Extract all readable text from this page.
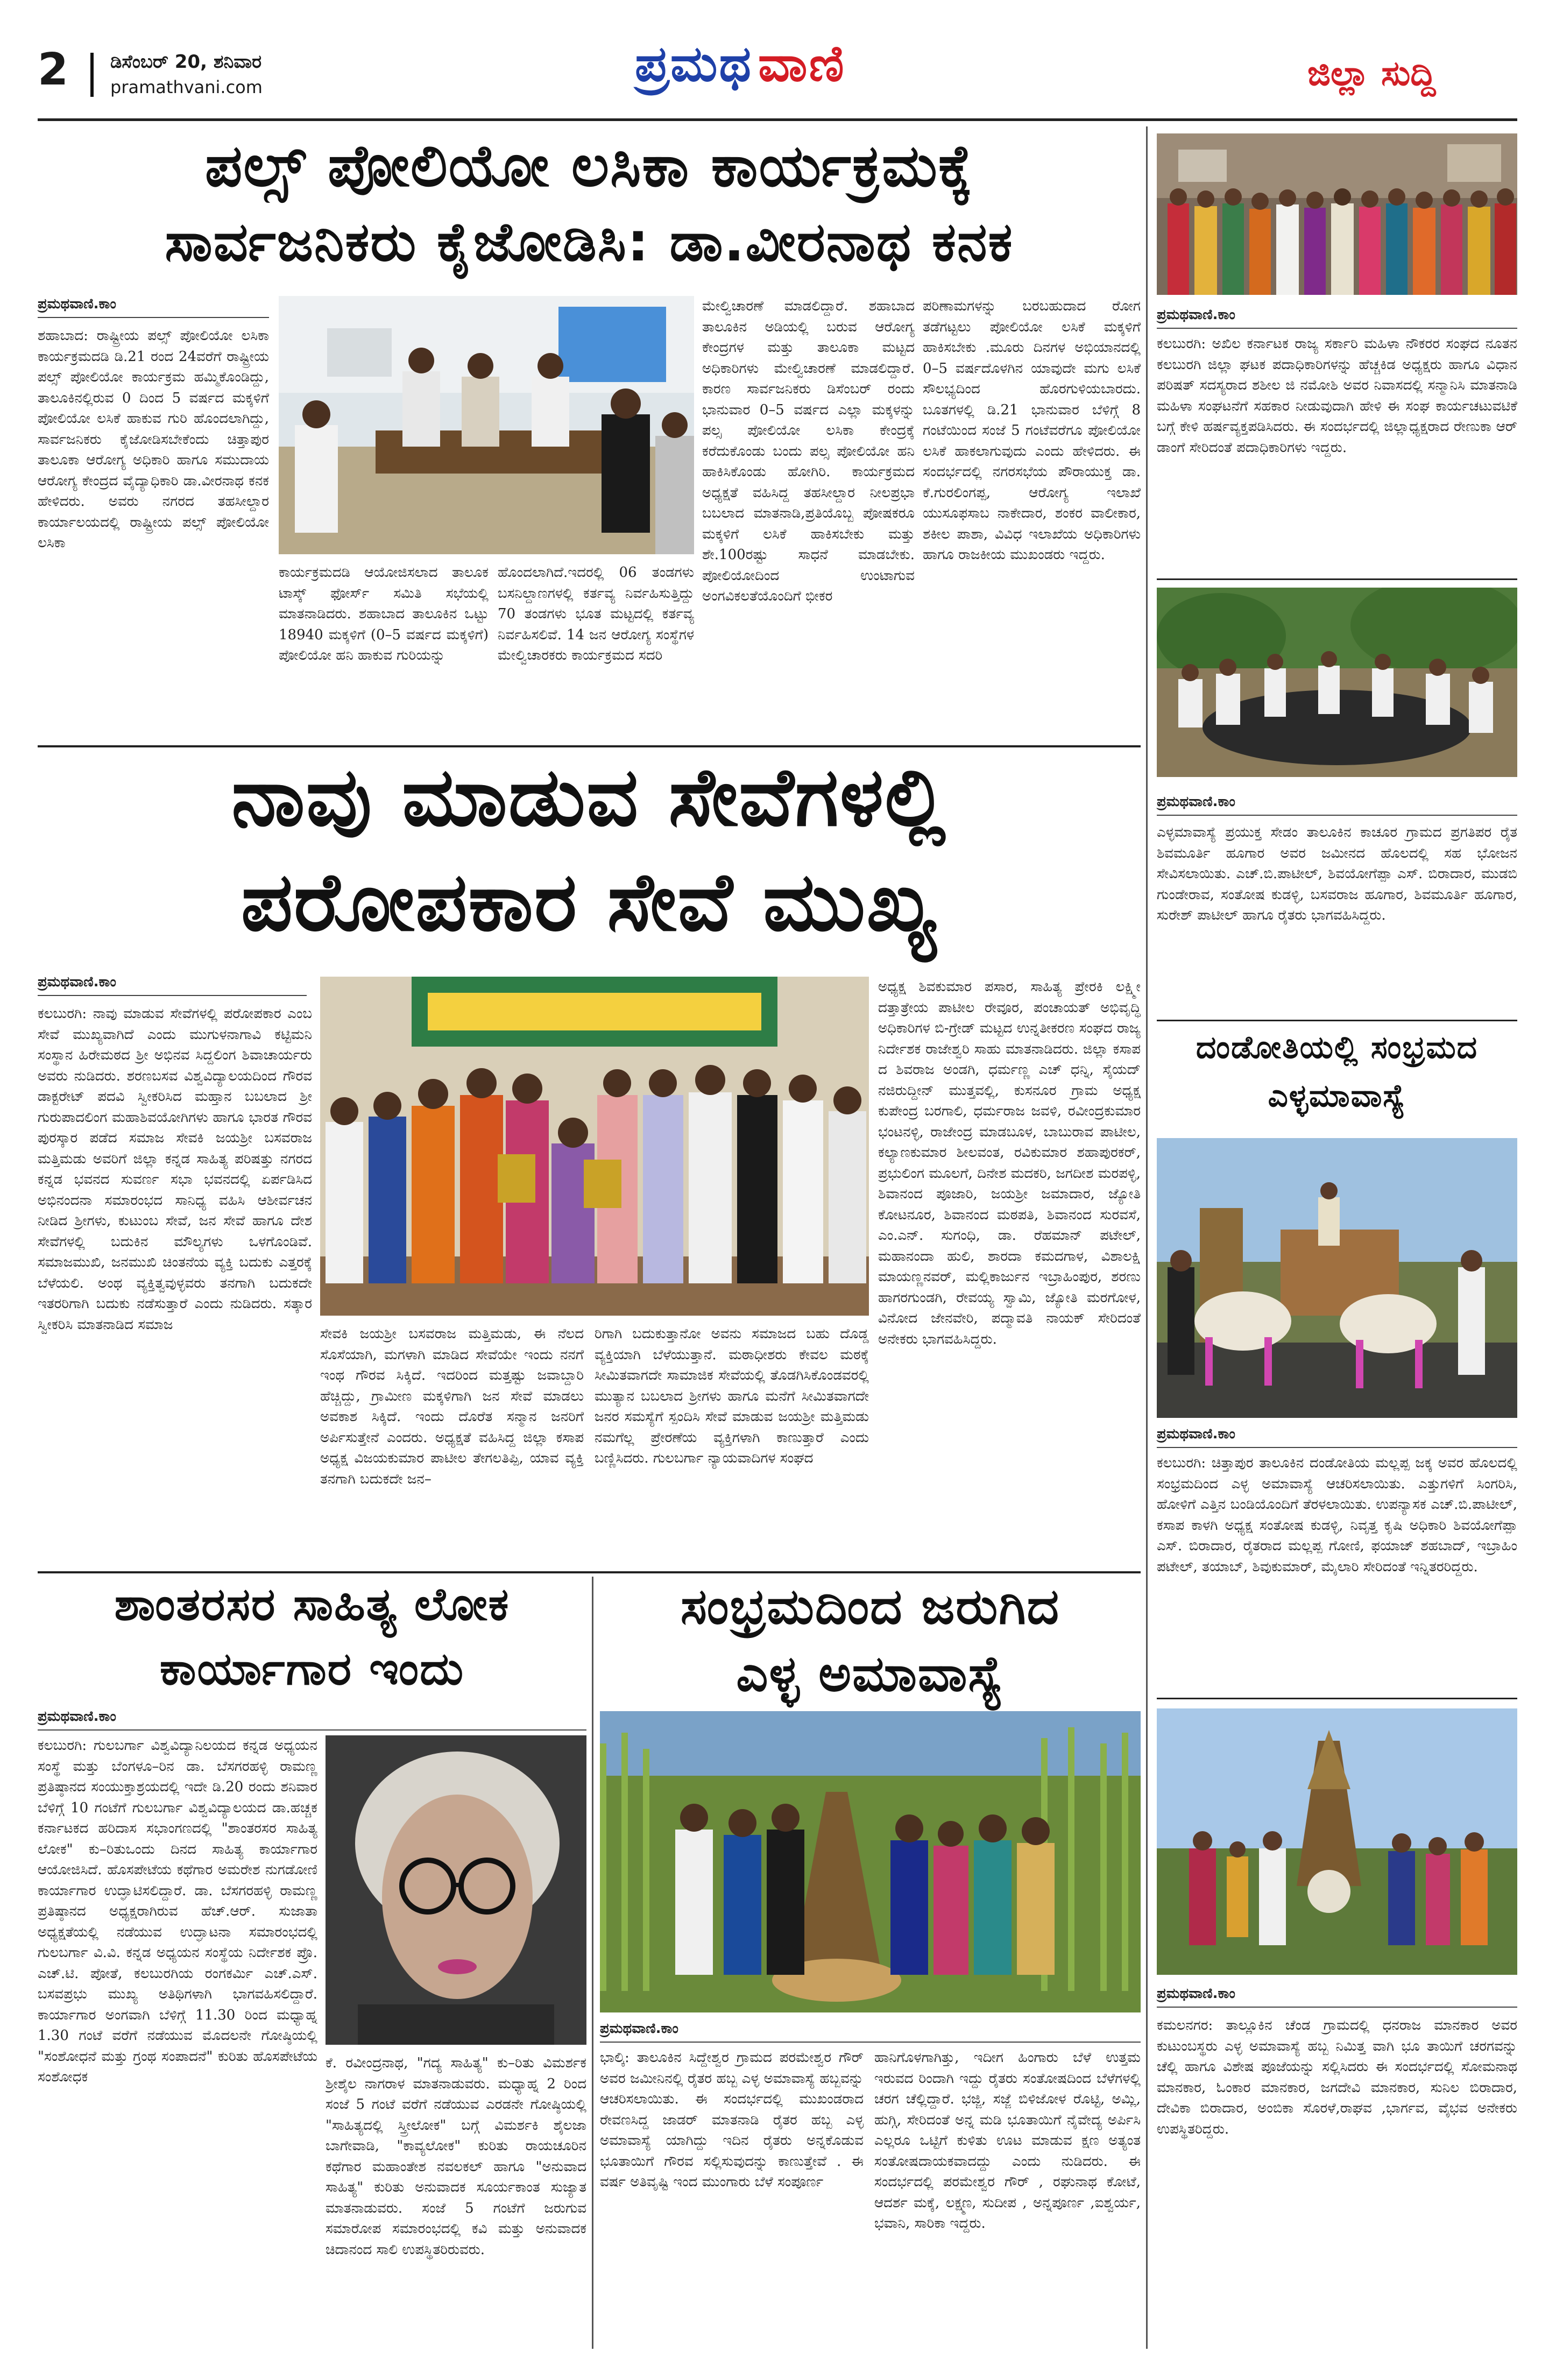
2 ಡಿಸೆಂಬರ್ 20, ಶನಿವಾರ
pramathvani.com	ಪ್ರಮಥ ವಾಣಿ	ಜಿಲ್ಲಾ ಸುದ್ದಿ
ಪ್ರಮಥವಾಣಿ.ಕಾಂ
ಕಲಬುರಗಿ: ಅಖಿಲ ಕರ್ನಾಟಕ ರಾಜ್ಯ ಸರ್ಕಾರಿ ಮಹಿಳಾ ನೌಕರರ ಸಂಘದ ನೂತನ ಕಲಬುರಗಿ ಜಿಲ್ಲಾ ಘಟಕ ಪದಾಧಿಕಾರಿಗಳನ್ನು ಹೆಚ್ಚಕಿಡ ಅಧ್ಯಕ್ಷರು ಹಾಗೂ ವಿಧಾನ ಪರಿಷತ್ ಸದಸ್ಯರಾದ ಶಶೀಲ ಜಿ ನಮೋಶಿ ಅವರ ನಿವಾಸದಲ್ಲಿ ಸನ್ಮಾನಿಸಿ ಮಾತನಾಡಿ ಮಹಿಳಾ ಸಂಘಟನೆಗೆ ಸಹಕಾರ ನೀಡುವುದಾಗಿ ಹೇಳಿ ಈ ಸಂಘ ಕಾರ್ಯಚಟುವಟಿಕೆ ಬಗ್ಗೆ ಕೇಳಿ ಹರ್ಷವ್ಯಕ್ತಪಡಿಸಿದರು. ಈ ಸಂದರ್ಭದಲ್ಲಿ ಜಿಲ್ಲಾಧ್ಯಕ್ಷರಾದ ರೇಣುಕಾ ಆರ್ ಡಾಂಗೆ ಸೇರಿದಂತೆ ಪದಾಧಿಕಾರಿಗಳು ಇದ್ದರು.
ಪ್ರಮಥವಾಣಿ.ಕಾಂ
ಎಳ್ಳಮಾವಾಸ್ಯೆ ಪ್ರಯುಕ್ತ ಸೇಡಂ ತಾಲೂಕಿನ ಕಾಚೂರ ಗ್ರಾಮದ ಪ್ರಗತಿಪರ ರೈತ ಶಿವಮೂರ್ತಿ ಹೂಗಾರ ಅವರ ಜಮೀನದ ಹೊಲದಲ್ಲಿ ಸಹ ಭೋಜನ ಸೇವಿಸಲಾಯಿತು. ಎಚ್.ಬಿ.ಪಾಟೀಲ್, ಶಿವಯೋಗೆಪ್ಪಾ ಎಸ್. ಬಿರಾದಾರ, ಮುಡಬಿ ಗುಂಡೇರಾವ, ಸಂತೋಷ ಕುಡಳ್ಳಿ, ಬಸವರಾಜ ಹೂಗಾರ, ಶಿವಮೂರ್ತಿ ಹೂಗಾರ, ಸುರೇಶ್ ಪಾಟೀಲ್ ಹಾಗೂ ರೈತರು ಭಾಗವಹಿಸಿದ್ದರು.
ದಂಡೋತಿಯಲ್ಲಿ ಸಂಭ್ರಮದ
ಎಳ್ಳಮಾವಾಸ್ಯೆ
ಪ್ರಮಥವಾಣಿ.ಕಾಂ
ಕಲಬುರಗಿ: ಚಿತ್ತಾಪುರ ತಾಲೂಕಿನ ದಂಡೋತಿಯ ಮಲ್ಲಪ್ಪ ಜಕ್ಕ ಅವರ ಹೊಲದಲ್ಲಿ ಸಂಭ್ರಮದಿಂದ ಎಳ್ಳ ಅಮಾವಾಸ್ಯೆ ಆಚರಿಸಲಾಯಿತು. ಎತ್ತುಗಳಿಗೆ ಸಿಂಗರಿಸಿ, ಹೋಳಿಗೆ ಎತ್ತಿನ ಬಂಡಿಯೊಂದಿಗೆ ತೆರಳಲಾಯಿತು. ಉಪನ್ಯಾಸಕ ಎಚ್.ಬಿ.ಪಾಟೀಲ್, ಕಸಾಪ ಕಾಳಗಿ ಅಧ್ಯಕ್ಷ ಸಂತೋಷ ಕುಡಳ್ಳಿ, ನಿವೃತ್ತ ಕೃಷಿ ಅಧಿಕಾರಿ ಶಿವಯೋಗೆಪ್ಪಾ ಎಸ್. ಬಿರಾದಾರ, ರೈತರಾದ ಮಲ್ಲಪ್ಪ ಗೋಣಿ, ಫಯಾಜ್ ಶಹಬಾದ್, ಇಬ್ರಾಹಿಂ ಪಟೇಲ್, ತಯಾಬ್, ಶಿವುಕುಮಾರ್, ಮೈಲಾರಿ ಸೇರಿದಂತೆ ಇನ್ನಿತರರಿದ್ದರು.
ಪ್ರಮಥವಾಣಿ.ಕಾಂ
ಕಮಲನಗರ: ತಾಲ್ಲೂಕಿನ ಚೆಂಡ ಗ್ರಾಮದಲ್ಲಿ ಧನರಾಜ ಮಾನಕಾರ ಅವರ ಕುಟುಂಬಸ್ಥರು ಎಳ್ಳ ಅಮಾವಾಸ್ಯೆ ಹಬ್ಬ ನಿಮಿತ್ತ ವಾಗಿ ಭೂ ತಾಯಿಗೆ ಚರಗವನ್ನು ಚೆಲ್ಲಿ ಹಾಗೂ ವಿಶೇಷ ಪೂಜೆಯನ್ನು ಸಲ್ಲಿಸಿದರು ಈ ಸಂದರ್ಭದಲ್ಲಿ ಸೋಮನಾಥ ಮಾನಕಾರ, ಓಂಕಾರ ಮಾನಕಾರ, ಜಗದೇವಿ ಮಾನಕಾರ, ಸುನಿಲ ಬಿರಾದಾರ, ದೇವಿಕಾ ಬಿರಾದಾರ, ಅಂಬಿಕಾ ಸೊರಳೆ,ರಾಘವ ,ಭಾರ್ಗವ, ವೈಭವ ಅನೇಕರು ಉಪಸ್ಥಿತರಿದ್ದರು.
ಪಲ್ಸ್ ಪೋಲಿಯೋ ಲಸಿಕಾ ಕಾರ್ಯಕ್ರಮಕ್ಕೆ
ಸಾರ್ವಜನಿಕರು ಕೈಜೋಡಿಸಿ: ಡಾ.ವೀರನಾಥ ಕನಕ
ಪ್ರಮಥವಾಣಿ.ಕಾಂ
ಶಹಾಬಾದ: ರಾಷ್ಟ್ರೀಯ ಪಲ್ಸ್ ಪೋಲಿಯೋ ಲಸಿಕಾ ಕಾರ್ಯಕ್ರಮದಡಿ ಡಿ.21 ರಂದ 24ವರೆಗೆ ರಾಷ್ಟ್ರೀಯ ಪಲ್ಸ್ ಪೋಲಿಯೋ ಕಾರ್ಯಕ್ರಮ ಹಮ್ಮಿಕೊಂಡಿದ್ದು, ತಾಲೂಕಿನಲ್ಲಿರುವ 0 ದಿಂದ 5 ವರ್ಷದ ಮಕ್ಕಳಿಗೆ ಪೋಲಿಯೋ ಲಸಿಕೆ ಹಾಕುವ ಗುರಿ ಹೊಂದಲಾಗಿದ್ದು, ಸಾರ್ವಜನಿಕರು ಕೈಜೋಡಿಸಬೇಕೆಂದು ಚಿತ್ತಾಪುರ ತಾಲೂಕಾ ಆರೋಗ್ಯ ಅಧಿಕಾರಿ ಹಾಗೂ ಸಮುದಾಯ ಆರೋಗ್ಯ ಕೇಂದ್ರದ ವೈದ್ಯಾಧಿಕಾರಿ ಡಾ.ವೀರನಾಥ ಕನಕ ಹೇಳಿದರು. ಅವರು ನಗರದ ತಹಸೀಲ್ದಾರ ಕಾರ್ಯಾಲಯದಲ್ಲಿ ರಾಷ್ಟ್ರೀಯ ಪಲ್ಸ್ ಪೋಲಿಯೋ ಲಸಿಕಾ
ಕಾರ್ಯಕ್ರಮದಡಿ ಆಯೋಜಿಸಲಾದ ತಾಲೂಕ ಟಾಸ್ಕ್ ಫೋರ್ಸ್ ಸಮಿತಿ ಸಭೆಯಲ್ಲಿ ಮಾತನಾಡಿದರು. ಶಹಾಬಾದ ತಾಲೂಕಿನ ಒಟ್ಟು 18940 ಮಕ್ಕಳಿಗೆ (0–5 ವರ್ಷದ ಮಕ್ಕಳಿಗೆ) ಪೋಲಿಯೋ ಹನಿ ಹಾಕುವ ಗುರಿಯನ್ನು
ಹೊಂದಲಾಗಿದೆ.ಇದರಲ್ಲಿ 06 ತಂಡಗಳು ಬಸನಿಲ್ದಾಣಗಳಲ್ಲಿ ಕರ್ತವ್ಯ ನಿರ್ವಹಿಸುತ್ತಿದ್ದು 70 ತಂಡಗಳು ಭೂತ ಮಟ್ಟದಲ್ಲಿ ಕರ್ತವ್ಯ ನಿರ್ವಹಿಸಲಿವೆ. 14 ಜನ ಆರೋಗ್ಯ ಸಂಸ್ಥೆಗಳ ಮೇಲ್ವಿಚಾರಕರು ಕಾರ್ಯಕ್ರಮದ ಸದರಿ
ಮೇಲ್ವಿಚಾರಣೆ ಮಾಡಲಿದ್ದಾರೆ. ಶಹಾಬಾದ ತಾಲೂಕಿನ ಅಡಿಯಲ್ಲಿ ಬರುವ ಆರೋಗ್ಯ ಕೇಂದ್ರಗಳ ಮತ್ತು ತಾಲೂಕಾ ಮಟ್ಟದ ಅಧಿಕಾರಿಗಳು ಮೇಲ್ವಿಚಾರಣೆ ಮಾಡಲಿದ್ದಾರೆ. ಕಾರಣ ಸಾರ್ವಜನಿಕರು ಡಿಸೆಂಬರ್ ರಂದು ಭಾನುವಾರ 0–5 ವರ್ಷದ ಎಲ್ಲಾ ಮಕ್ಕಳನ್ನು ಪಲ್ಸ ಪೋಲಿಯೋ ಲಸಿಕಾ ಕೇಂದ್ರಕ್ಕೆ ಕರೆದುಕೊಂಡು ಬಂದು ಪಲ್ಸ ಪೋಲಿಯೋ ಹನಿ ಹಾಕಿಸಿಕೊಂಡು ಹೋಗಿರಿ. ಕಾರ್ಯಕ್ರಮದ ಅಧ್ಯಕ್ಷತೆ ವಹಿಸಿದ್ದ ತಹಸೀಲ್ದಾರ ನೀಲಪ್ರಭಾ ಬಬಲಾದ ಮಾತನಾಡಿ,ಪ್ರತಿಯೊಬ್ಬ ಪೋಷಕರೂ ಮಕ್ಕಳಿಗೆ ಲಸಿಕೆ ಹಾಕಿಸಬೇಕು ಮತ್ತು ಶೇ.100ರಷ್ಟು ಸಾಧನೆ ಮಾಡಬೇಕು. ಪೋಲಿಯೋದಿಂದ ಉಂಟಾಗುವ ಅಂಗವಿಕಲತೆಯೊಂದಿಗೆ ಭೀಕರ
ಪರಿಣಾಮಗಳನ್ನು ಬರಬಹುದಾದ ರೋಗ ತಡೆಗಟ್ಟಲು ಪೋಲಿಯೋ ಲಸಿಕೆ ಮಕ್ಕಳಿಗೆ ಹಾಕಿಸಬೇಕು .ಮೂರು ದಿನಗಳ ಅಭಿಯಾನದಲ್ಲಿ 0–5 ವರ್ಷದೊಳಗಿನ ಯಾವುದೇ ಮಗು ಲಸಿಕೆ ಸೌಲಭ್ಯದಿಂದ ಹೊರಗುಳಿಯಬಾರದು. ಬೂತಗಳಲ್ಲಿ ಡಿ.21 ಭಾನುವಾರ ಬೆಳಿಗ್ಗೆ 8 ಗಂಟೆಯಿಂದ ಸಂಜೆ 5 ಗಂಟೆವರೆಗೂ ಪೋಲಿಯೋ ಲಸಿಕೆ ಹಾಕಲಾಗುವುದು ಎಂದು ಹೇಳಿದರು. ಈ ಸಂದರ್ಭದಲ್ಲಿ ನಗರಸಭೆಯ ಪೌರಾಯುಕ್ತ ಡಾ. ಕೆ.ಗುರಲಿಂಗಪ್ಪ, ಆರೋಗ್ಯ ಇಲಾಖೆ ಯುಸೂಫಸಾಬ ನಾಕೇದಾರ, ಶಂಕರ ವಾಲೀಕಾರ, ಶಕೀಲ ಪಾಶಾ, ವಿವಿಧ ಇಲಾಖೆಯ ಅಧಿಕಾರಿಗಳು ಹಾಗೂ ರಾಜಕೀಯ ಮುಖಂಡರು ಇದ್ದರು.
ನಾವು ಮಾಡುವ ಸೇವೆಗಳಲ್ಲಿ
ಪರೋಪಕಾರ ಸೇವೆ ಮುಖ್ಯ
ಪ್ರಮಥವಾಣಿ.ಕಾಂ
ಕಲಬುರಗಿ: ನಾವು ಮಾಡುವ ಸೇವೆಗಳಲ್ಲಿ ಪರೋಪಕಾರ ಎಂಬ ಸೇವೆ ಮುಖ್ಯವಾಗಿದೆ ಎಂದು ಮುಗುಳನಾಗಾವಿ ಕಟ್ಟಿಮನಿ ಸಂಸ್ಥಾನ ಹಿರೇಮಠದ ಶ್ರೀ ಅಭಿನವ ಸಿದ್ದಲಿಂಗ ಶಿವಾಚಾರ್ಯರು ಅವರು ನುಡಿದರು. ಶರಣಬಸವ ವಿಶ್ವವಿದ್ಯಾಲಯದಿಂದ ಗೌರವ ಡಾಕ್ಟರೇಟ್ ಪದವಿ ಸ್ವೀಕರಿಸಿದ ಮಹ್ತಾನ ಬಬಲಾದ ಶ್ರೀ ಗುರುಪಾದಲಿಂಗ ಮಹಾಶಿವಯೋಗಿಗಳು ಹಾಗೂ ಭಾರತ ಗೌರವ ಪುರಸ್ಕಾರ ಪಡೆದ ಸಮಾಜ ಸೇವಕಿ ಜಯಶ್ರೀ ಬಸವರಾಜ ಮತ್ತಿಮಡು ಅವರಿಗೆ ಜಿಲ್ಲಾ ಕನ್ನಡ ಸಾಹಿತ್ಯ ಪರಿಷತ್ತು ನಗರದ ಕನ್ನಡ ಭವನದ ಸುವರ್ಣ ಸಭಾ ಭವನದಲ್ಲಿ ಏರ್ಪಡಿಸಿದ ಅಭಿನಂದನಾ ಸಮಾರಂಭದ ಸಾನಿಧ್ಯ ವಹಿಸಿ ಆಶೀರ್ವಚನ ನೀಡಿದ ಶ್ರೀಗಳು, ಕುಟುಂಬ ಸೇವೆ, ಜನ ಸೇವೆ ಹಾಗೂ ದೇಶ ಸೇವೆಗಳಲ್ಲಿ ಬದುಕಿನ ಮೌಲ್ಯಗಳು ಒಳಗೊಂಡಿವೆ. ಸಮಾಜಮುಖಿ, ಜನಮುಖಿ ಚಿಂತನೆಯ ವ್ಯಕ್ತಿ ಬದುಕು ಎತ್ತರಕ್ಕೆ ಬೆಳೆಯಲಿ. ಅಂಥ ವ್ಯಕ್ತಿತ್ವವುಳ್ಳವರು ತನಗಾಗಿ ಬದುಕದೇ ಇತರರಿಗಾಗಿ ಬದುಕು ನಡೆಸುತ್ತಾರೆ ಎಂದು ನುಡಿದರು. ಸತ್ಕಾರ ಸ್ವೀಕರಿಸಿ ಮಾತನಾಡಿದ ಸಮಾಜ
ಸೇವಕಿ ಜಯಶ್ರೀ ಬಸವರಾಜ ಮತ್ತಿಮಡು, ಈ ನೆಲದ ಸೊಸೆಯಾಗಿ, ಮಗಳಾಗಿ ಮಾಡಿದ ಸೇವೆಯೇ ಇಂದು ನನಗೆ ಇಂಥ ಗೌರವ ಸಿಕ್ಕಿದೆ. ಇದರಿಂದ ಮತ್ತಷ್ಟು ಜವಾಬ್ದಾರಿ ಹೆಚ್ಚಿದ್ದು, ಗ್ರಾಮೀಣ ಮಕ್ಕಳಿಗಾಗಿ ಜನ ಸೇವೆ ಮಾಡಲು ಅವಕಾಶ ಸಿಕ್ಕಿದೆ. ಇಂದು ದೊರೆತ ಸನ್ಮಾನ ಜನರಿಗೆ ಅರ್ಪಿಸುತ್ತೇನೆ ಎಂದರು. ಅಧ್ಯಕ್ಷತೆ ವಹಿಸಿದ್ದ ಜಿಲ್ಲಾ ಕಸಾಪ ಅಧ್ಯಕ್ಷ ವಿಜಯಕುಮಾರ ಪಾಟೀಲ ತೇಗಲತಿಪ್ಪಿ, ಯಾವ ವ್ಯಕ್ತಿ ತನಗಾಗಿ ಬದುಕದೇ ಜನ–
ರಿಗಾಗಿ ಬದುಕುತ್ತಾನೋ ಅವನು ಸಮಾಜದ ಬಹು ದೊಡ್ಡ ವ್ಯಕ್ತಿಯಾಗಿ ಬೆಳೆಯುತ್ತಾನೆ. ಮಠಾಧೀಶರು ಕೇವಲ ಮಠಕ್ಕೆ ಸೀಮಿತವಾಗದೇ ಸಾಮಾಜಿಕ ಸೇವೆಯಲ್ಲಿ ತೊಡಗಿಸಿಕೊಂಡವರಲ್ಲಿ ಮುತ್ಯಾನ ಬಬಲಾದ ಶ್ರೀಗಳು ಹಾಗೂ ಮನೆಗೆ ಸೀಮಿತವಾಗದೇ ಜನರ ಸಮಸ್ಯೆಗೆ ಸ್ಪಂದಿಸಿ ಸೇವೆ ಮಾಡುವ ಜಯಶ್ರೀ ಮತ್ತಿಮಡು ನಮಗೆಲ್ಲ ಪ್ರೇರಣೆಯ ವ್ಯಕ್ತಿಗಳಾಗಿ ಕಾಣುತ್ತಾರೆ ಎಂದು ಬಣ್ಣಿಸಿದರು. ಗುಲಬರ್ಗಾ ನ್ಯಾಯವಾದಿಗಳ ಸಂಘದ
ಅಧ್ಯಕ್ಷ ಶಿವಕುಮಾರ ಪಸಾರ, ಸಾಹಿತ್ಯ ಪ್ರೇರಕಿ ಲಕ್ಷ್ಮೀ ದತ್ತಾತ್ರೇಯ ಪಾಟೀಲ ರೇವೂರ, ಪಂಚಾಯತ್ ಅಭಿವೃದ್ಧಿ ಅಧಿಕಾರಿಗಳ ಬಿ-ಗ್ರೇಡ್ ಮಟ್ಟದ ಉನ್ನತೀಕರಣ ಸಂಘದ ರಾಜ್ಯ ನಿರ್ದೇಶಕ ರಾಜೇಶ್ವರಿ ಸಾಹು ಮಾತನಾಡಿದರು. ಜಿಲ್ಲಾ ಕಸಾಪ ದ ಶಿವರಾಜ ಅಂಡಗಿ, ಧರ್ಮಣ್ಣ ಎಚ್ ಧನ್ನಿ, ಸೈಯದ್ ನಜಿರುದ್ದೀನ್ ಮುತ್ತವಲ್ಲಿ, ಕುಸನೂರ ಗ್ರಾಮ ಅಧ್ಯಕ್ಷ ಕುಪೇಂದ್ರ ಬರಗಾಲಿ, ಧರ್ಮರಾಜ ಜವಳಿ, ರವೀಂದ್ರಕುಮಾರ ಭಂಟನಳ್ಳಿ, ರಾಜೇಂದ್ರ ಮಾಡಬೂಳ, ಬಾಬುರಾವ ಪಾಟೀಲ, ಕಲ್ಯಾಣಕುಮಾರ ಶೀಲವಂತ, ರವಿಕುಮಾರ ಶಹಾಪುರಕರ್, ಪ್ರಭುಲಿಂಗ ಮೂಲಗೆ, ದಿನೇಶ ಮದಕರಿ, ಜಗದೀಶ ಮರಪಳ್ಳಿ, ಶಿವಾನಂದ ಪೂಜಾರಿ, ಜಯಶ್ರೀ ಜಮಾದಾರ, ಜ್ಯೋತಿ ಕೋಟನೂರ, ಶಿವಾನಂದ ಮಠಪತಿ, ಶಿವಾನಂದ ಸುರವಸೆ, ಎಂ.ಎನ್. ಸುಗಂಧಿ, ಡಾ. ರೆಹಮಾನ್ ಪಟೇಲ್, ಮಹಾನಂದಾ ಹುಲಿ, ಶಾರದಾ ಕಮದಗಾಳ, ವಿಶಾಲಕ್ಷಿ ಮಾಯಣ್ಣನವರ್, ಮಲ್ಲಿಕಾರ್ಜುನ ಇಬ್ರಾಹಿಂಪುರ, ಶರಣು ಹಾಗರಗುಂಡಗಿ, ರೇವಯ್ಯ ಸ್ವಾಮಿ, ಜ್ಯೋತಿ ಮರಗೋಳ, ವಿನೋದ ಜೇನವೇರಿ, ಪದ್ಮಾವತಿ ನಾಯಕ್ ಸೇರಿದಂತೆ ಅನೇಕರು ಭಾಗವಹಿಸಿದ್ದರು.
ಶಾಂತರಸರ ಸಾಹಿತ್ಯ ಲೋಕ
ಕಾರ್ಯಾಗಾರ ಇಂದು
ಪ್ರಮಥವಾಣಿ.ಕಾಂ
ಕಲಬುರಗಿ: ಗುಲಬರ್ಗಾ ವಿಶ್ವವಿದ್ಯಾನಿಲಯದ ಕನ್ನಡ ಅಧ್ಯಯನ ಸಂಸ್ಥೆ ಮತ್ತು ಬೆಂಗಳೂ–ರಿನ ಡಾ. ಬೆಸಗರಹಳ್ಳಿ ರಾಮಣ್ಣ ಪ್ರತಿಷ್ಠಾನದ ಸಂಯುಕ್ತಾಶ್ರಯದಲ್ಲಿ ಇದೇ ಡಿ.20 ರಂದು ಶನಿವಾರ ಬೆಳಿಗ್ಗೆ 10 ಗಂಟೆಗೆ ಗುಲಬರ್ಗಾ ವಿಶ್ವವಿದ್ಯಾಲಯದ ಡಾ.ಹಚ್ಚಕ ಕರ್ನಾಟಕದ ಹರಿದಾಸ ಸಭಾಂಗಣದಲ್ಲಿ "ಶಾಂತರಸರ ಸಾಹಿತ್ಯ ಲೋಕ" ಕು–ರಿತುಒಂದು ದಿನದ ಸಾಹಿತ್ಯ ಕಾರ್ಯಾಗಾರ ಆಯೋಜಿಸಿದೆ. ಹೊಸಪೇಟೆಯ ಕಥೆಗಾರ ಅಮರೇಶ ನುಗಡೋಣಿ ಕಾರ್ಯಾಗಾರ ಉದ್ಘಾಟಿಸಲಿದ್ದಾರೆ. ಡಾ. ಬೆಸಗರಹಳ್ಳಿ ರಾಮಣ್ಣ ಪ್ರತಿಷ್ಠಾನದ ಅಧ್ಯಕ್ಷರಾಗಿರುವ ಹೆಚ್.ಆರ್. ಸುಜಾತಾ ಅಧ್ಯಕ್ಷತೆಯಲ್ಲಿ ನಡೆಯುವ ಉದ್ಘಾಟನಾ ಸಮಾರಂಭದಲ್ಲಿ ಗುಲಬರ್ಗಾ ವಿ.ವಿ. ಕನ್ನಡ ಅಧ್ಯಯನ ಸಂಸ್ಥೆಯ ನಿರ್ದೇಶಕ ಪ್ರೊ. ಎಚ್.ಟಿ. ಪೋತೆ, ಕಲಬುರಗಿಯ ರಂಗಕರ್ಮಿ ಎಚ್.ಎಸ್. ಬಸವಪ್ರಭು ಮುಖ್ಯ ಅತಿಥಿಗಳಾಗಿ ಭಾಗವಹಿಸಲಿದ್ದಾರೆ. ಕಾರ್ಯಾಗಾರ ಅಂಗವಾಗಿ ಬೆಳಿಗ್ಗೆ 11.30 ರಿಂದ ಮಧ್ಯಾಹ್ನ 1.30 ಗಂಟೆ ವರೆಗೆ ನಡೆಯುವ ಮೊದಲನೇ ಗೋಷ್ಠಿಯಲ್ಲಿ "ಸಂಶೋಧನೆ ಮತ್ತು ಗ್ರಂಥ ಸಂಪಾದನೆ" ಕುರಿತು ಹೊಸಪೇಟೆಯ ಸಂಶೋಧಕ
ಕೆ. ರವೀಂದ್ರನಾಥ, "ಗದ್ಯ ಸಾಹಿತ್ಯ" ಕು–ರಿತು ವಿಮರ್ಶಕ ಶ್ರೀಶೈಲ ನಾಗರಾಳ ಮಾತನಾಡುವರು. ಮಧ್ಯಾಹ್ನ 2 ರಿಂದ ಸಂಜೆ 5 ಗಂಟೆ ವರೆಗೆ ನಡೆಯುವ ಎರಡನೇ ಗೋಷ್ಠಿಯಲ್ಲಿ "ಸಾಹಿತ್ಯದಲ್ಲಿ ಸ್ತ್ರೀಲೋಕ" ಬಗ್ಗೆ ವಿಮರ್ಶಕಿ ಶೈಲಜಾ ಬಾಗೇವಾಡಿ, "ಕಾವ್ಯಲೋಕ" ಕುರಿತು ರಾಯಚೂರಿನ ಕಥೆಗಾರ ಮಹಾಂತೇಶ ನವಲಕಲ್ ಹಾಗೂ "ಅನುವಾದ ಸಾಹಿತ್ಯ" ಕುರಿತು ಅನುವಾದಕ ಸೂರ್ಯಕಾಂತ ಸುಜ್ಯಾತ ಮಾತನಾಡುವರು. ಸಂಜೆ 5 ಗಂಟೆಗೆ ಜರುಗುವ ಸಮಾರೋಪ ಸಮಾರಂಭದಲ್ಲಿ ಕವಿ ಮತ್ತು ಅನುವಾದಕ ಚಿದಾನಂದ ಸಾಲಿ ಉಪಸ್ಥಿತರಿರುವರು.
ಸಂಭ್ರಮದಿಂದ ಜರುಗಿದ
ಎಳ್ಳ ಅಮಾವಾಸ್ಯೆ
ಪ್ರಮಥವಾಣಿ.ಕಾಂ
ಭಾಲ್ಕಿ: ತಾಲೂಕಿನ ಸಿದ್ದೇಶ್ವರ ಗ್ರಾಮದ ಪರಮೇಶ್ವರ ಗೌರ್ ಅವರ ಜಮೀನಿನಲ್ಲಿ ರೈತರ ಹಬ್ಬ ಎಳ್ಳ ಅಮಾವಾಸ್ಯೆ ಹಬ್ಬವನ್ನು ಆಚರಿಸಲಾಯಿತು. ಈ ಸಂದರ್ಭದಲ್ಲಿ ಮುಖಂಡರಾದ ರೇವಣಸಿದ್ದ ಜಾಡರ್ ಮಾತನಾಡಿ ರೈತರ ಹಬ್ಬ ಎಳ್ಳ ಅಮಾವಾಸ್ಯೆ ಯಾಗಿದ್ದು ಇದಿನ ರೈತರು ಅನ್ನಕೊಡುವ ಭೂತಾಯಿಗೆ ಗೌರವ ಸಲ್ಲಿಸುವುದನ್ನು ಕಾಣುತ್ತೇವೆ . ಈ ವರ್ಷ ಅತಿವೃಷ್ಟಿ ಇಂದ ಮುಂಗಾರು ಬೆಳೆ ಸಂಪೂರ್ಣ
ಹಾನಿಗೊಳಗಾಗಿತ್ತು, ಇದೀಗ ಹಿಂಗಾರು ಬೆಳೆ ಉತ್ತಮ ಇರುವದ ರಿಂದಾಗಿ ಇದ್ದು ರೈತರು ಸಂತೋಷದಿಂದ ಬೆಳೆಗಳಲ್ಲಿ ಚರಗ ಚೆಲ್ಲಿದ್ದಾರೆ. ಭಜ್ಜಿ, ಸಜ್ಜೆ ಬಿಳಿಜೋಳ ರೊಟ್ಟಿ, ಅಮ್ಲಿ, ಹುಗ್ಗಿ, ಸೇರಿದಂತೆ ಅನ್ನ ಮಡಿ ಭೂತಾಯಿಗೆ ನೈವೇದ್ಯ ಅರ್ಪಿಸಿ ಎಲ್ಲರೂ ಒಟ್ಟಿಗೆ ಕುಳಿತು ಊಟ ಮಾಡುವ ಕ್ಷಣ ಅತ್ಯಂತ ಸಂತೋಷದಾಯಕವಾದದ್ದು ಎಂದು ನುಡಿದರು. ಈ ಸಂದರ್ಭದಲ್ಲಿ ಪರಮೇಶ್ವರ ಗೌರ್ , ರಘುನಾಥ ಕೋಟೆ, ಆದರ್ಶ ಮಕ್ಕೆ, ಲಕ್ಷ್ಮಣ, ಸುದೀಪ , ಅನ್ನಪೂರ್ಣ ,ಐಶ್ವರ್ಯ, ಭವಾನಿ, ಸಾರಿಕಾ ಇದ್ದರು.
